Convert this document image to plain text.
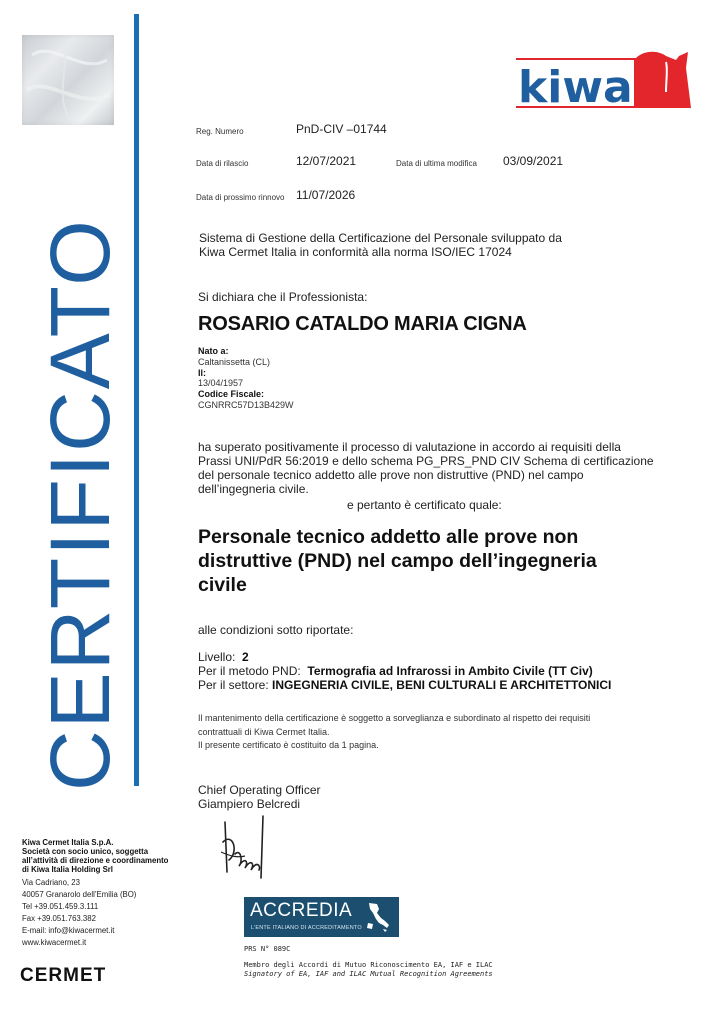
CERTIFICATO
kiwa
Reg. Numero	PnD-CIV –01744
Data di rilascio	12/07/2021	Data di ultima modifica 03/09/2021
Data di prossimo rinnovo 11/07/2026
Sistema di Gestione della Certificazione del Personale sviluppato da
Kiwa Cermet Italia in conformità alla norma ISO/IEC 17024
Si dichiara che il Professionista:
ROSARIO CATALDO MARIA CIGNA
Nato a:
Caltanissetta (CL)
Il:
13/04/1957
Codice Fiscale:
CGNRRC57D13B429W
ha superato positivamente il processo di valutazione in accordo ai requisiti della
Prassi UNI/PdR 56:2019 e dello schema PG_PRS_PND CIV Schema di certificazione
del personale tecnico addetto alle prove non distruttive (PND) nel campo
dell’ingegneria civile.
e pertanto è certificato quale:
Personale tecnico addetto alle prove non
distruttive (PND) nel campo dell’ingegneria
civile
alle condizioni sotto riportate:
Livello: 2
Per il metodo PND: Termografia ad Infrarossi in Ambito Civile (TT Civ)
Per il settore: INGEGNERIA CIVILE, BENI CULTURALI E ARCHITETTONICI
Il mantenimento della certificazione è soggetto a sorveglianza e subordinato al rispetto dei requisiti
contrattuali di Kiwa Cermet Italia.
Il presente certificato è costituito da 1 pagina.
Chief Operating Officer
Giampiero Belcredi
Kiwa Cermet Italia S.p.A.
Società con socio unico, soggetta
all’attività di direzione e coordinamento
di Kiwa Italia Holding Srl
Via Cadriano, 23
40057 Granarolo dell’Emilia (BO)
Tel +39.051.459.3.111
Fax +39.051.763.382
E-mail: info@kiwacermet.it
www.kiwacermet.it
CERMET
ACCREDIA
L’ENTE ITALIANO DI ACCREDITAMENTO
PRS N° 089C
Membro degli Accordi di Mutuo Riconoscimento EA, IAF e ILAC
Signatory of EA, IAF and ILAC Mutual Recognition Agreements
